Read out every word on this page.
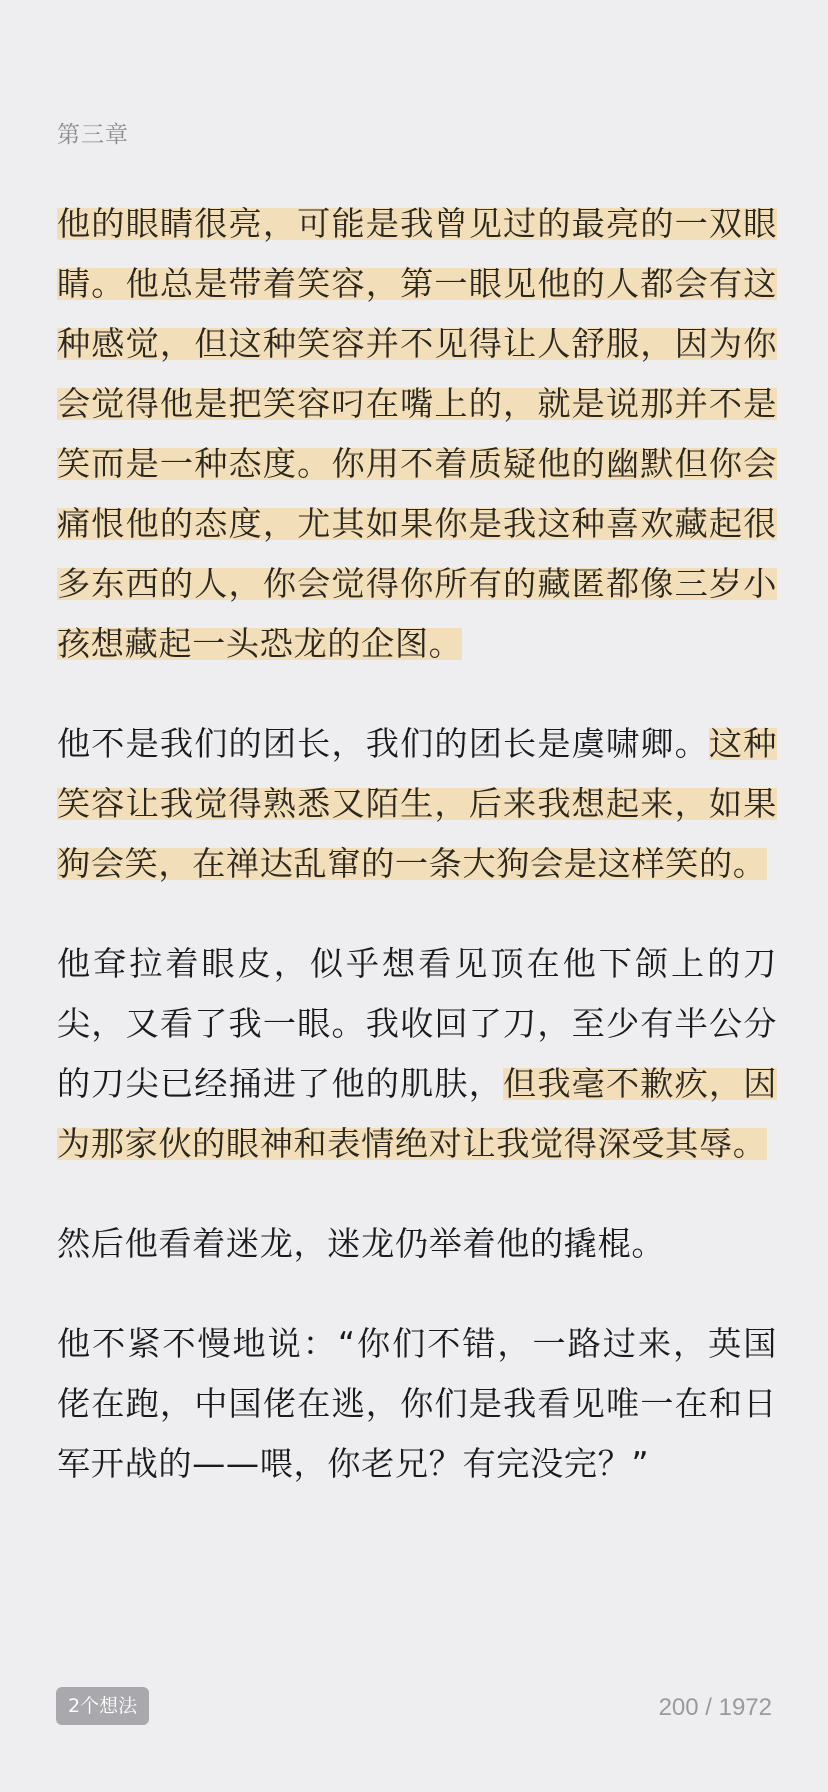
第三章

他的眼睛很亮，可能是我曾见过的最亮的一双眼睛。他总是带着笑容，第一眼见他的人都会有这种感觉，但这种笑容并不见得让人舒服，因为你会觉得他是把笑容叼在嘴上的，就是说那并不是笑而是一种态度。你用不着质疑他的幽默但你会痛恨他的态度，尤其如果你是我这种喜欢藏起很多东西的人，你会觉得你所有的藏匿都像三岁小孩想藏起一头恐龙的企图。

他不是我们的团长，我们的团长是虞啸卿。这种笑容让我觉得熟悉又陌生，后来我想起来，如果狗会笑，在禅达乱窜的一条大狗会是这样笑的。

他耷拉着眼皮，似乎想看见顶在他下颌上的刀尖，又看了我一眼。我收回了刀，至少有半公分的刀尖已经捅进了他的肌肤，但我毫不歉疚，因为那家伙的眼神和表情绝对让我觉得深受其辱。

然后他看着迷龙，迷龙仍举着他的撬棍。

他不紧不慢地说：“你们不错，一路过来，英国佬在跑，中国佬在逃，你们是我看见唯一在和日军开战的——喂，你老兄？有完没完？”

2个想法	200 / 1972
